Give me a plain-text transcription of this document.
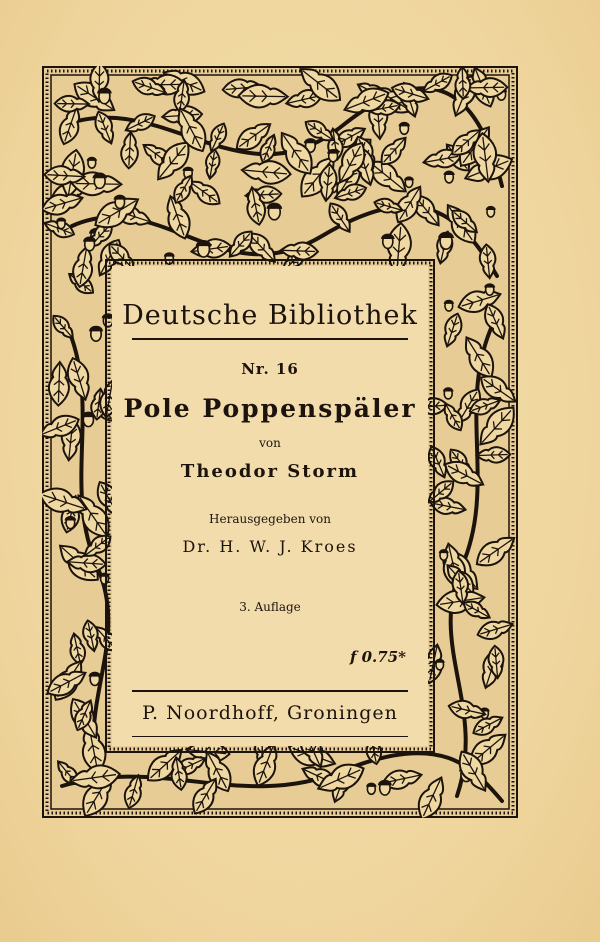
Deutsche Bibliothek
Nr. 16
Pole Poppenspäler
von
Theodor Storm
Herausgegeben von
Dr. H. W. J. Kroes
3. Auflage
f 0.75*
P. Noordhoff, Groningen
